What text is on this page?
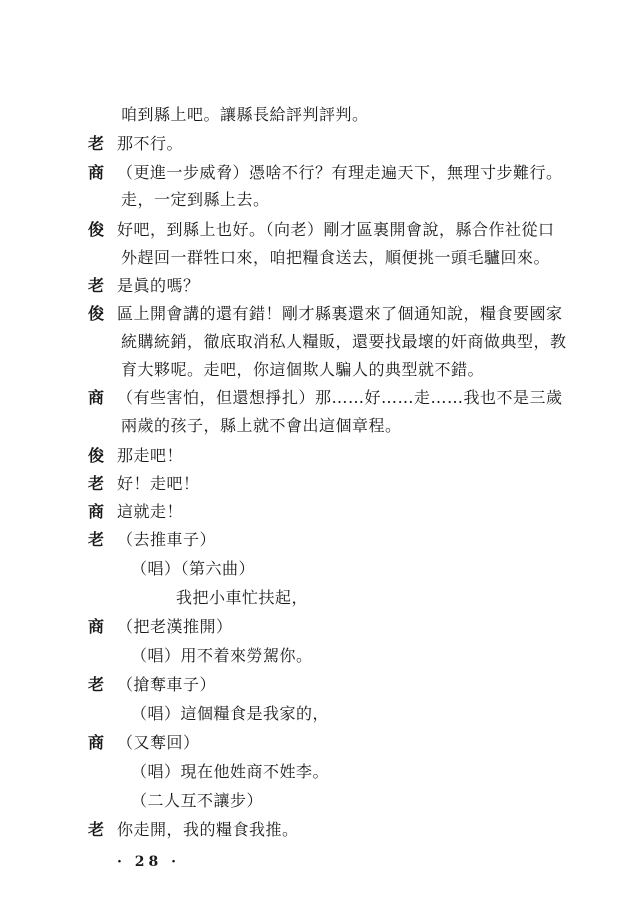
咱到縣上吧。讓縣長給評判評判。
老 那不行。
商 （更進一步威脅）憑啥不行？有理走遍天下，無理寸步難行。
走，一定到縣上去。
俊 好吧，到縣上也好。（向老）剛才區裏開會說，縣合作社從口
外趕回一群牲口來，咱把糧食送去，順便挑一頭毛驢回來。
老 是眞的嗎？
俊 區上開會講的還有錯！剛才縣裏還來了個通知說，糧食要國家
統購統銷，徹底取消私人糧販，還要找最壞的奸商做典型，教
育大夥呢。走吧，你這個欺人騙人的典型就不錯。
商 （有些害怕，但還想掙扎）那……好……走……我也不是三歲
兩歲的孩子，縣上就不會出這個章程。
俊 那走吧！
老 好！走吧！
商 這就走！
老 （去推車子）
（唱）（第六曲）
我把小車忙扶起，
商 （把老漢推開）
（唱）用不着來勞駕你。
老 （搶奪車子）
（唱）這個糧食是我家的，
商 （又奪回）
（唱）現在他姓商不姓李。
（二人互不讓步）
老 你走開，我的糧食我推。
· 28 ·
